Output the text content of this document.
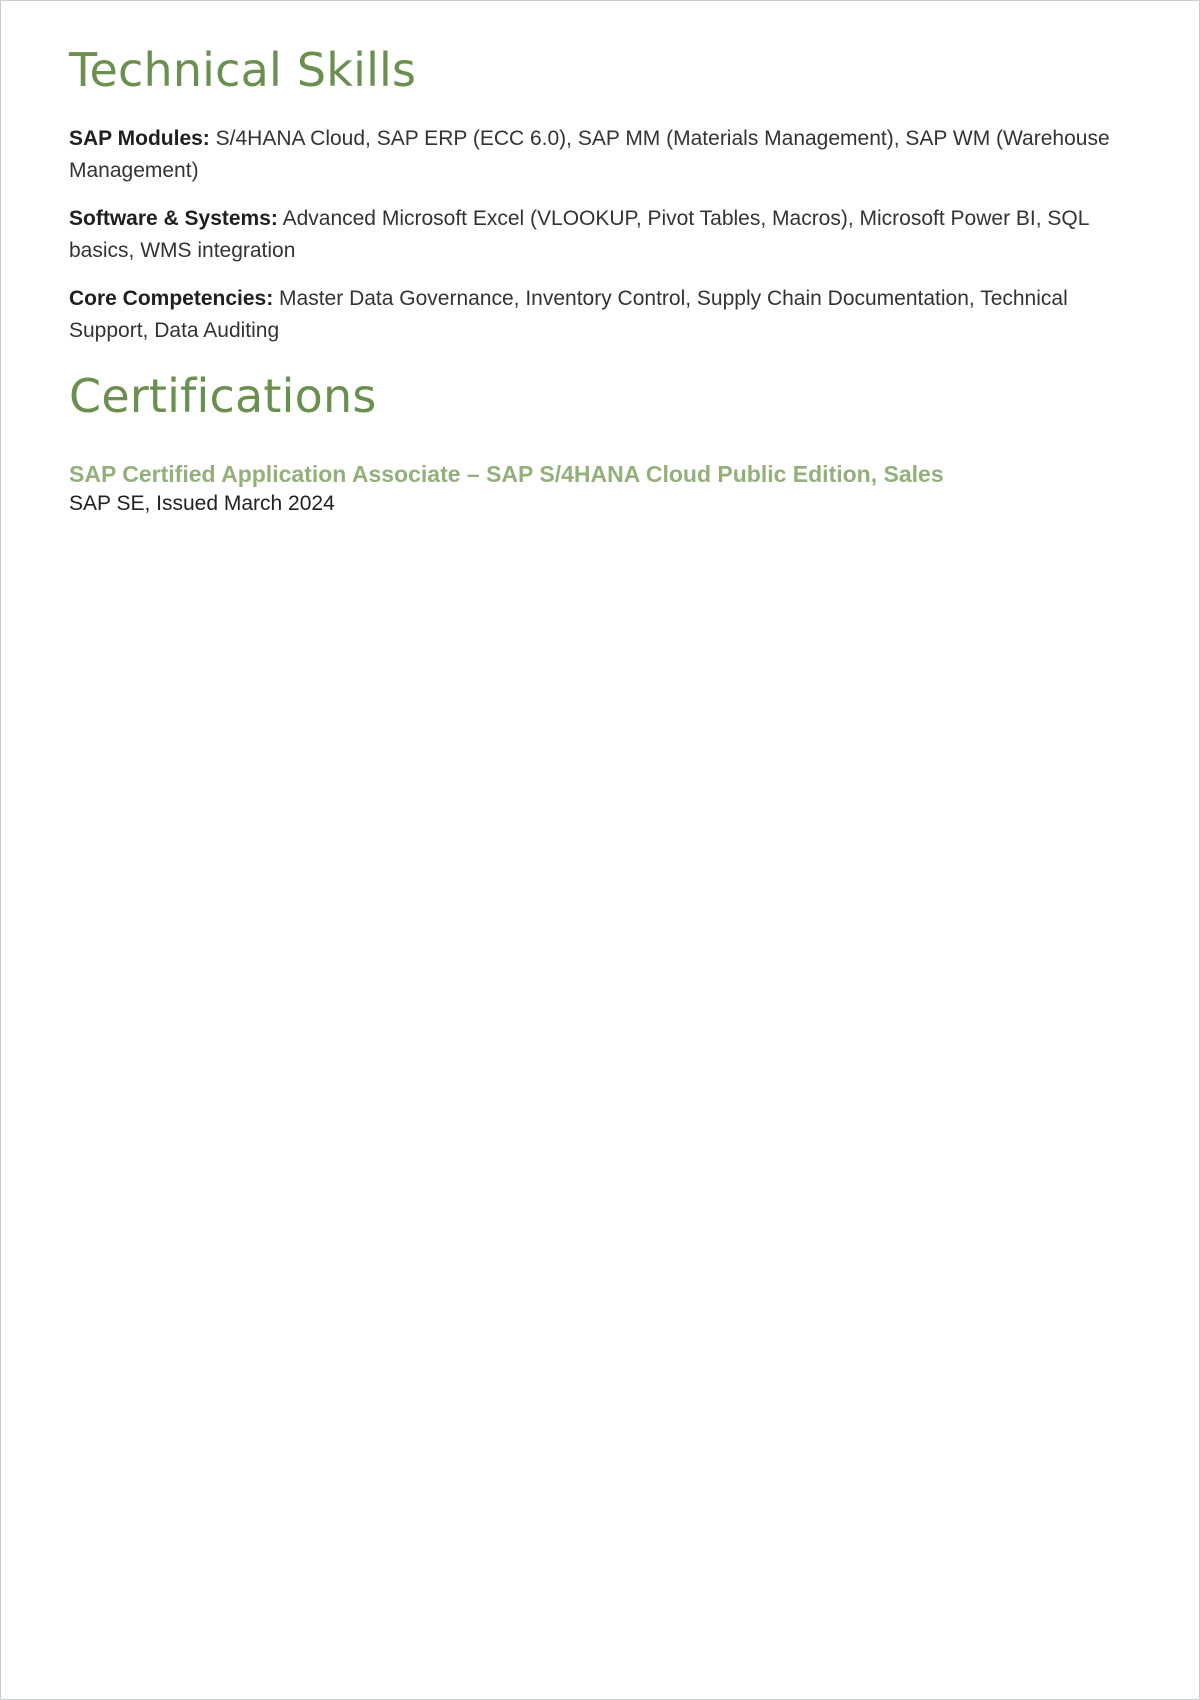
Technical Skills

SAP Modules: S/4HANA Cloud, SAP ERP (ECC 6.0), SAP MM (Materials Management), SAP WM (Warehouse Management)

Software & Systems: Advanced Microsoft Excel (VLOOKUP, Pivot Tables, Macros), Microsoft Power BI, SQL basics, WMS integration

Core Competencies: Master Data Governance, Inventory Control, Supply Chain Documentation, Technical Support, Data Auditing

Certifications
SAP Certified Application Associate – SAP S/4HANA Cloud Public Edition, Sales
SAP SE, Issued March 2024
